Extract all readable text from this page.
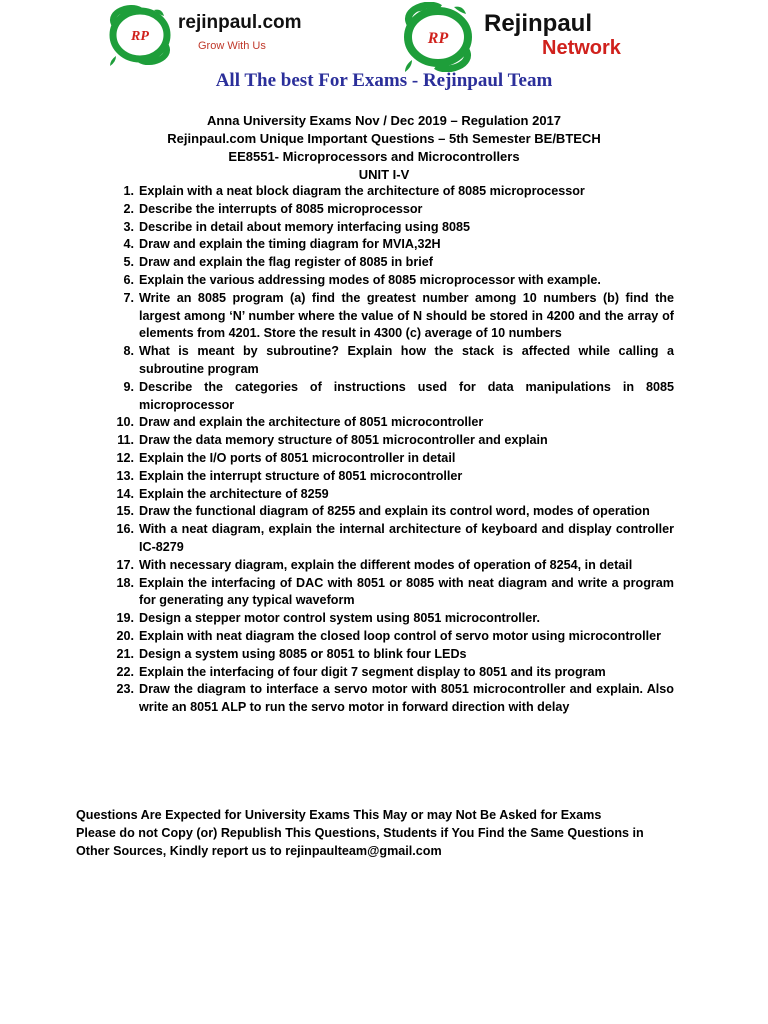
RP
rejinpaul.com
Grow With Us	RP
Rejinpaul
Network
All The best For Exams - Rejinpaul Team
Anna University Exams Nov / Dec 2019 – Regulation 2017
Rejinpaul.com Unique Important Questions – 5th Semester BE/BTECH
EE8551- Microprocessors and Microcontrollers
UNIT I-V
1. Explain with a neat block diagram the architecture of 8085 microprocessor
2. Describe the interrupts of 8085 microprocessor
3. Describe in detail about memory interfacing using 8085
4. Draw and explain the timing diagram for MVIA,32H
5. Draw and explain the flag register of 8085 in brief
6. Explain the various addressing modes of 8085 microprocessor with example.
7. Write an 8085 program (a) find the greatest number among 10 numbers (b) find the largest among ‘N’ number where the value of N should be stored in 4200 and the array of elements from 4201. Store the result in 4300 (c) average of 10 numbers
8. What is meant by subroutine? Explain how the stack is affected while calling a subroutine program
9. Describe the categories of instructions used for data manipulations in 8085 microprocessor
10. Draw and explain the architecture of 8051 microcontroller
11. Draw the data memory structure of 8051 microcontroller and explain
12. Explain the I/O ports of 8051 microcontroller in detail
13. Explain the interrupt structure of 8051 microcontroller
14. Explain the architecture of 8259
15. Draw the functional diagram of 8255 and explain its control word, modes of operation
16. With a neat diagram, explain the internal architecture of keyboard and display controller IC-8279
17. With necessary diagram, explain the different modes of operation of 8254, in detail
18. Explain the interfacing of DAC with 8051 or 8085 with neat diagram and write a program for generating any typical waveform
19. Design a stepper motor control system using 8051 microcontroller.
20. Explain with neat diagram the closed loop control of servo motor using microcontroller
21. Design a system using 8085 or 8051 to blink four LEDs
22. Explain the interfacing of four digit 7 segment display to 8051 and its program
23. Draw the diagram to interface a servo motor with 8051 microcontroller and explain. Also write an 8051 ALP to run the servo motor in forward direction with delay

Questions Are Expected for University Exams This May or may Not Be Asked for Exams

Please do not Copy (or) Republish This Questions, Students if You Find the Same Questions in Other Sources, Kindly report us to rejinpaulteam@gmail.com
